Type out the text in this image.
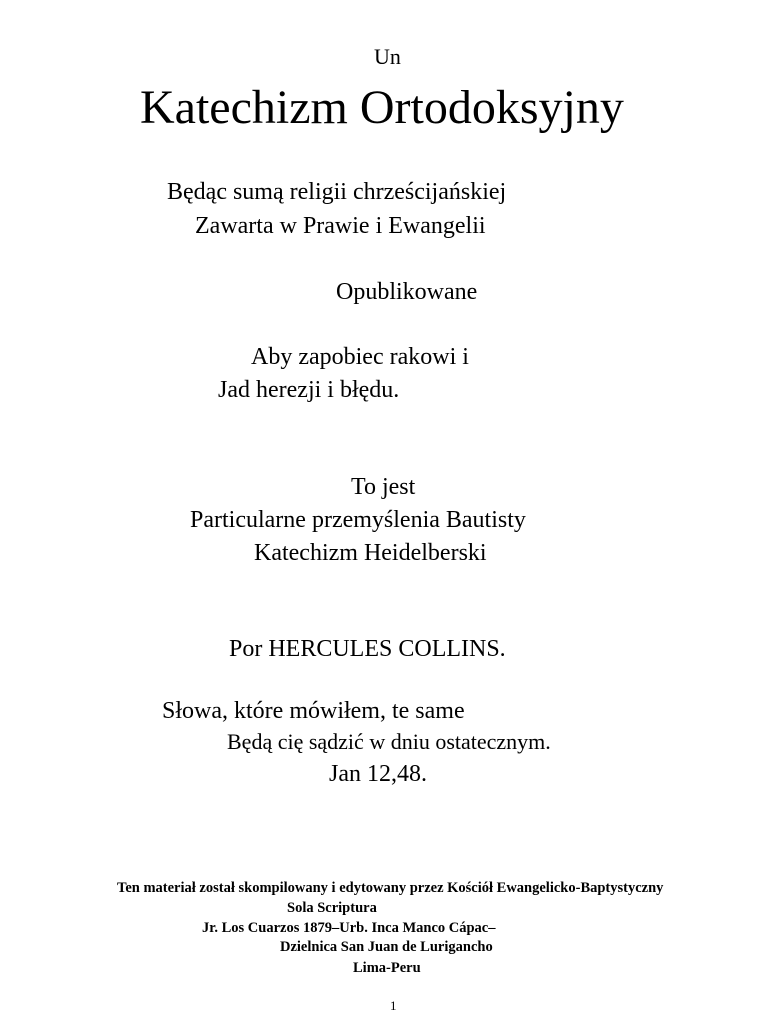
Un
Katechizm Ortodoksyjny
Będąc sumą religii chrześcijańskiej
Zawarta w Prawie i Ewangelii
Opublikowane
Aby zapobiec rakowi i
Jad herezji i błędu.
To jest
Particularne przemyślenia Bautisty
Katechizm Heidelberski
Por HERCULES COLLINS.
Słowa, które mówiłem, te same
Będą cię sądzić w dniu ostatecznym.
Jan 12,48.
Ten materiał został skompilowany i edytowany przez Kościół Ewangelicko-Baptystyczny
Sola Scriptura
Jr. Los Cuarzos 1879–Urb. Inca Manco Cápac–
Dzielnica San Juan de Lurigancho
Lima-Peru
1
